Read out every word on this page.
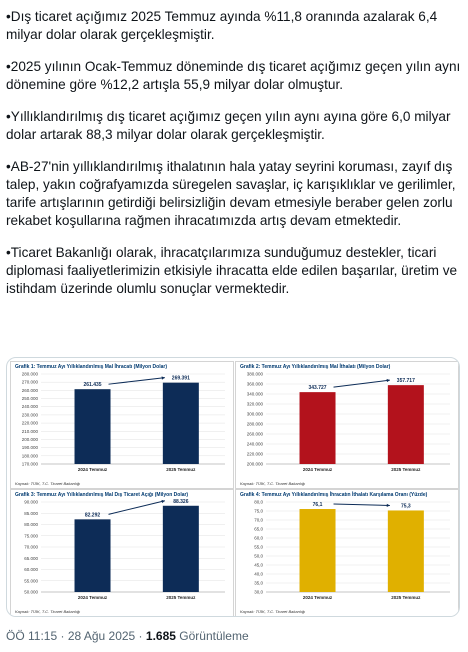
•Dış ticaret açığımız 2025 Temmuz ayında %11,8 oranında azalarak 6,4 milyar dolar olarak gerçekleşmiştir.

•2025 yılının Ocak-Temmuz döneminde dış ticaret açığımız geçen yılın aynı dönemine göre %12,2 artışla 55,9 milyar dolar olmuştur.

•Yıllıklandırılmış dış ticaret açığımız geçen yılın aynı ayına göre 6,0 milyar dolar artarak 88,3 milyar dolar olarak gerçekleşmiştir.

•AB-27'nin yıllıklandırılmış ithalatının hala yatay seyrini koruması, zayıf dış talep, yakın coğrafyamızda süregelen savaşlar, iç karışıklıklar ve gerilimler, tarife artışlarının getirdiği belirsizliğin devam etmesiyle beraber gelen zorlu rekabet koşullarına rağmen ihracatımızda artış devam etmektedir.

•Ticaret Bakanlığı olarak, ihracatçılarımıza sunduğumuz destekler, ticari diplomasi faaliyetlerimizin etkisiyle ihracatta elde edilen başarılar, üretim ve istihdam üzerinde olumlu sonuçlar vermektedir.

Grafik 1: Temmuz Ayı Yıllıklandırılmış Mal İhracatı (Milyon Dolar)
280.000
270.000
260.000
250.000
240.000
230.000
220.000
210.000
200.000
190.000
180.000
170.000
261.435
2024 Temmuz
269.391
2025 Temmuz
Kaynak: TÜİK, T.C. Ticaret Bakanlığı
Grafik 2: Temmuz Ayı Yıllıklandırılmış Mal İthalatı (Milyon Dolar)
380.000
360.000
340.000
320.000
300.000
280.000
260.000
240.000
220.000
200.000
343.727
2024 Temmuz
357.717
2025 Temmuz
Kaynak: TÜİK, T.C. Ticaret Bakanlığı
Grafik 3: Temmuz Ayı Yıllıklandırılmış Mal Dış Ticaret Açığı (Milyon Dolar)
90.000
85.000
80.000
75.000
70.000
65.000
60.000
55.000
50.000
82.292
2024 Temmuz
88.326
2025 Temmuz
Kaynak: TÜİK, T.C. Ticaret Bakanlığı
Grafik 4: Temmuz Ayı Yıllıklandırılmış İhracatın İthalatı Karşılama Oranı (Yüzde)
80,0
75,0
70,0
65,0
60,0
55,0
50,0
45,0
40,0
35,0
30,0
76,1
2024 Temmuz
75,3
2025 Temmuz
Kaynak: TÜİK, T.C. Ticaret Bakanlığı
ÖÖ 11:15 · 28 Ağu 2025 · 1.685 Görüntüleme
